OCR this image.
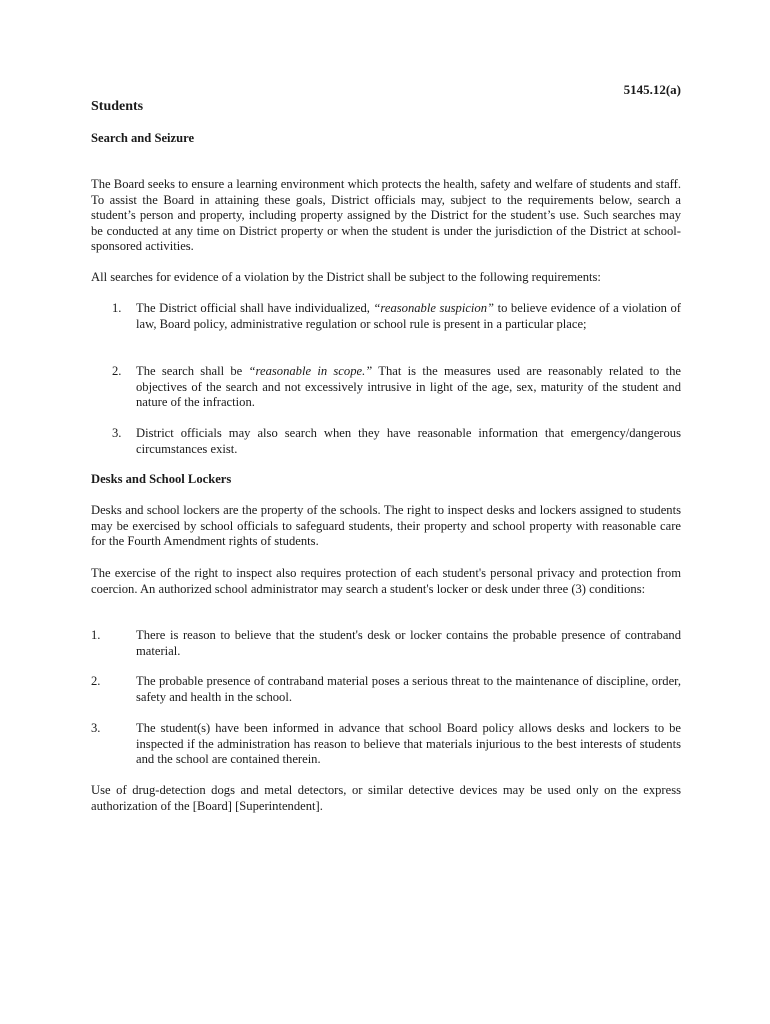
5145.12(a)
Students
Search and Seizure

The Board seeks to ensure a learning environment which protects the health, safety and welfare of students and staff. To assist the Board in attaining these goals, District officials may, subject to the requirements below, search a student’s person and property, including property assigned by the District for the student’s use. Such searches may be conducted at any time on District property or when the student is under the jurisdiction of the District at school-sponsored activities.

All searches for evidence of a violation by the District shall be subject to the following requirements:

1.	The District official shall have individualized, “reasonable suspicion” to believe evidence of a violation of law, Board policy, administrative regulation or school rule is present in a particular place;
2.	The search shall be “reasonable in scope.” That is the measures used are reasonably related to the objectives of the search and not excessively intrusive in light of the age, sex, maturity of the student and nature of the infraction.
3.	District officials may also search when they have reasonable information that emergency/dangerous circumstances exist.
Desks and School Lockers

Desks and school lockers are the property of the schools. The right to inspect desks and lockers assigned to students may be exercised by school officials to safeguard students, their property and school property with reasonable care for the Fourth Amendment rights of students.

The exercise of the right to inspect also requires protection of each student's personal privacy and protection from coercion. An authorized school administrator may search a student's locker or desk under three (3) conditions:

1.	There is reason to believe that the student's desk or locker contains the probable presence of contraband material.
2.	The probable presence of contraband material poses a serious threat to the maintenance of discipline, order, safety and health in the school.
3.	The student(s) have been informed in advance that school Board policy allows desks and lockers to be inspected if the administration has reason to believe that materials injurious to the best interests of students and the school are contained therein.

Use of drug-detection dogs and metal detectors, or similar detective devices may be used only on the express authorization of the [Board] [Superintendent].
